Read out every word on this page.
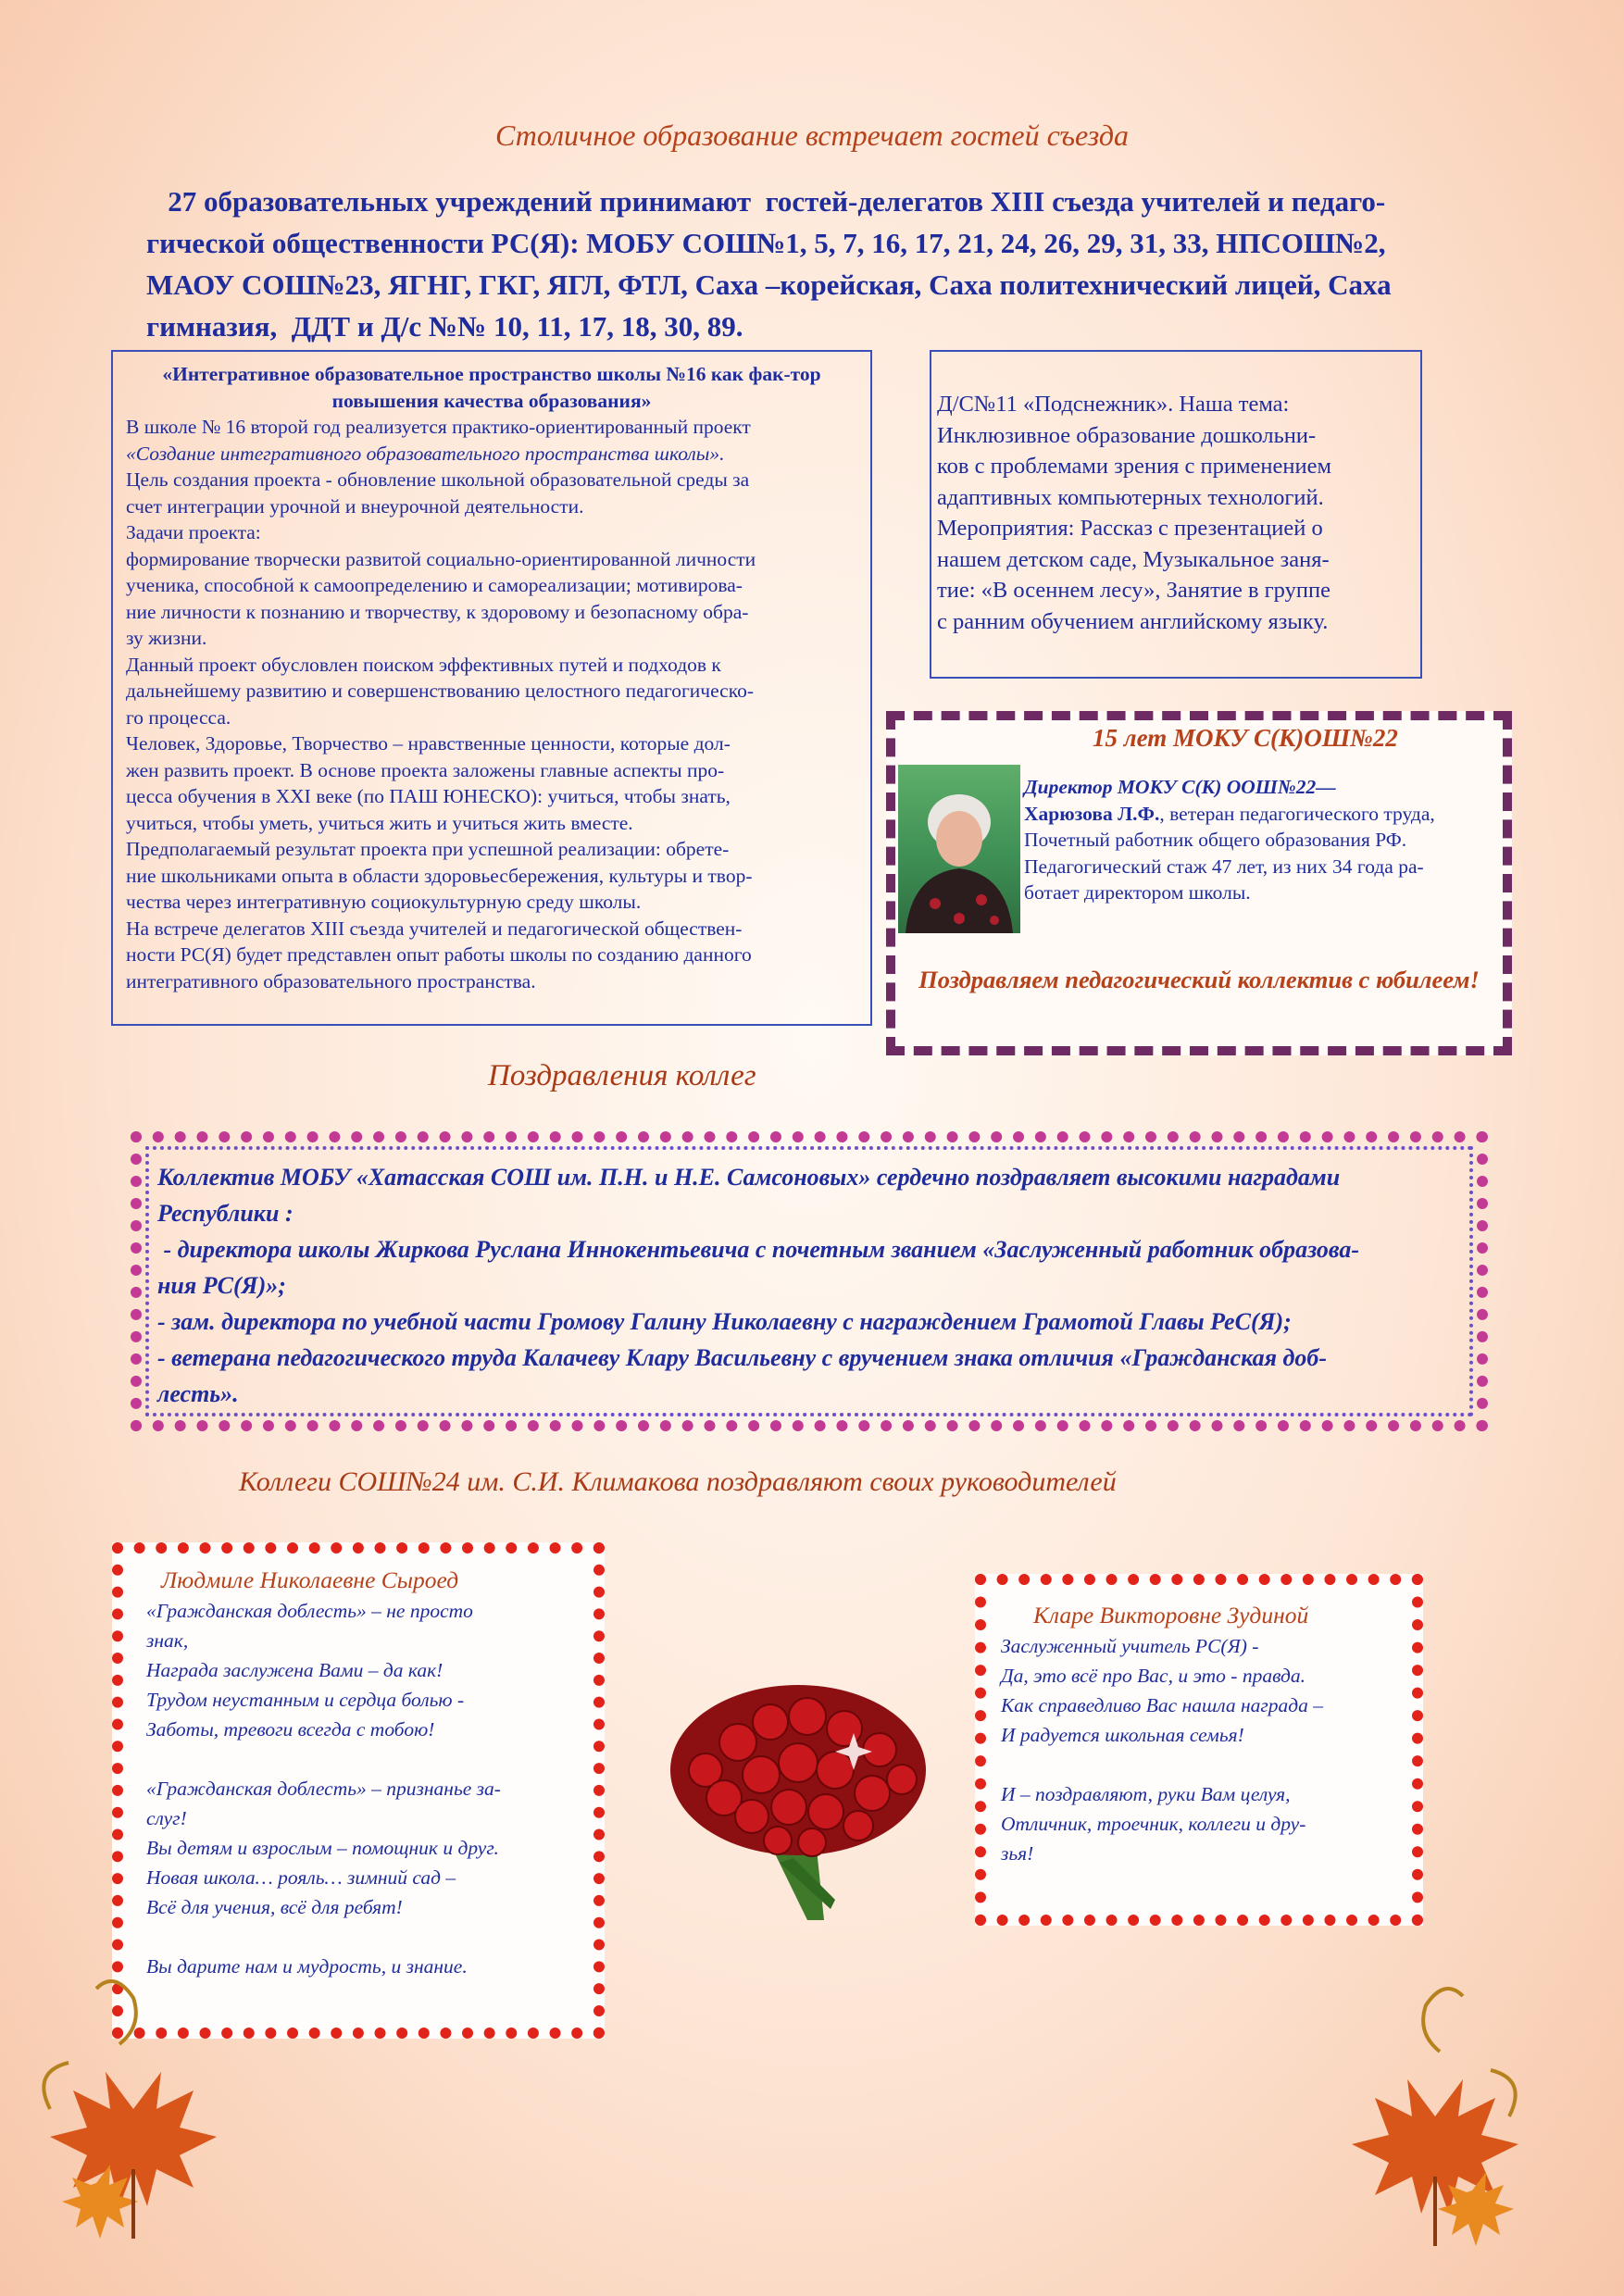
Столичное образование встречает гостей съезда

27 образовательных учреждений принимают  гостей-делегатов XIII съезда учителей и педаго-

гической общественности РС(Я): МОБУ СОШ№1, 5, 7, 16, 17, 21, 24, 26, 29, 31, 33, НПСОШ№2,

МАОУ СОШ№23, ЯГНГ, ГКГ, ЯГЛ, ФТЛ, Саха –корейская, Саха политехнический лицей, Саха

гимназия,  ДДТ и Д/с №№ 10, 11, 17, 18, 30, 89.

«Интегративное образовательное пространство школы №16 как фак-тор повышения качества образования»

В школе № 16 второй год реализуется практико-ориентированный проект

«Создание интегративного образовательного пространства школы».

Цель создания проекта - обновление школьной образовательной среды за

счет интеграции урочной и внеурочной деятельности.

Задачи проекта:

формирование творчески развитой социально-ориентированной личности

ученика, способной к самоопределению и самореализации; мотивирова-

ние личности к познанию и творчеству, к здоровому и безопасному обра-

зу жизни.

Данный проект обусловлен поиском эффективных путей и подходов к

дальнейшему развитию и совершенствованию целостного педагогическо-

го процесса.

Человек, Здоровье, Творчество – нравственные ценности, которые дол-

жен развить проект. В основе проекта заложены главные аспекты про-

цесса обучения в XXI веке (по ПАШ ЮНЕСКО): учиться, чтобы знать,

учиться, чтобы уметь, учиться жить и учиться жить вместе.

Предполагаемый результат проекта при успешной реализации: обрете-

ние школьниками опыта в области здоровьесбережения, культуры и твор-

чества через интегративную социокультурную среду школы.

На встрече делегатов XIII съезда учителей и педагогической обществен-

ности РС(Я) будет представлен опыт работы школы по созданию данного

интегративного образовательного пространства.

Д/С№11 «Подснежник». Наша тема:

Инклюзивное образование дошкольни-

ков с проблемами зрения с применением

адаптивных компьютерных технологий.

Мероприятия: Рассказ с презентацией о

нашем детском саде, Музыкальное заня-

тие: «В осеннем лесу», Занятие в группе

с ранним обучением английскому языку.

15 лет МОКУ С(К)ОШ№22

Директор МОКУ С(К) ООШ№22—

Харюзова Л.Ф., ветеран педагогического труда,

Почетный работник общего образования РФ.

Педагогический стаж 47 лет, из них 34 года ра-

ботает директором школы.

Поздравляем педагогический коллектив с юбилеем!
Поздравления коллег

Коллектив МОБУ «Хатасская СОШ им. П.Н. и Н.Е. Самсоновых» сердечно поздравляет высокими наградами

Республики :

- директора школы Жиркова Руслана Иннокентьевича с почетным званием «Заслуженный работник образова-

ния РС(Я)»;

- зам. директора по учебной части Громову Галину Николаевну с награждением Грамотой Главы РеС(Я);

- ветерана педагогического труда Калачеву Клару Васильевну с вручением знака отличия «Гражданская доб-

лесть».

Коллеги СОШ№24 им. С.И. Климакова поздравляют своих руководителей
Людмиле Николаевне Сыроед

«Гражданская доблесть» – не просто

знак,

Награда заслужена Вами – да как!

Трудом неустанным и сердца болью -

Заботы, тревоги всегда с тобою!

«Гражданская доблесть» – признанье за-

слуг!

Вы детям и взрослым – помощник и друг.

Новая школа… рояль… зимний сад –

Всё для учения, всё для ребят!

Вы дарите нам и мудрость, и знание.

Кларе Викторовне Зудиной

Заслуженный учитель РС(Я) -

Да, это всё про Вас, и это - правда.

Как справедливо Вас нашла награда –

И радуется школьная семья!

И – поздравляют, руки Вам целуя,

Отличник, троечник, коллеги и дру-

зья!
